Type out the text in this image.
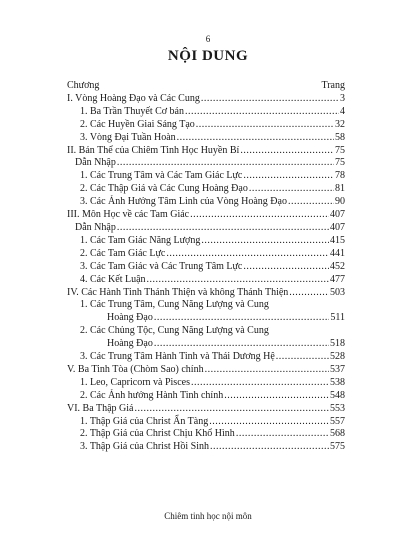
6
NỘI DUNG
Chương	Trang
I. Vòng Hoàng Đạo và Các Cung .....	3
1. Ba Trần Thuyết Cơ bản .....	4
2. Các Huyền Giai Sáng Tạo .....	32
3. Vòng Đại Tuần Hoàn .....	58
II. Bản Thể của Chiêm Tinh Học Huyền Bí .....	75
Dẫn Nhập .....	75
1. Các Trung Tâm và Các Tam Giác Lực .....	78
2. Các Thập Giá và Các Cung Hoàng Đạo .....	81
3. Các Ảnh Hưởng Tâm Linh của Vòng Hoàng Đạo .....	90
III. Môn Học về các Tam Giác .....	407
Dẫn Nhập .....	407
1. Các Tam Giác Năng Lượng .....	415
2. Các Tam Giác Lực .....	441
3. Các Tam Giác và Các Trung Tâm Lực .....	452
4. Các Kết Luận .....	477
IV. Các Hành Tinh Thánh Thiện và không Thánh Thiện .....	503
1. Các Trung Tâm, Cung Năng Lượng và Cung
Hoàng Đạo .....	511
2. Các Chủng Tộc, Cung Năng Lượng và Cung
Hoàng Đạo .....	518
3. Các Trung Tâm Hành Tinh và Thái Dương Hệ .....	528
V. Ba Tinh Tòa (Chòm Sao) chính .....	537
1. Leo, Capricorn và Pisces .....	538
2. Các Ảnh hưởng Hành Tinh chính .....	548
VI. Ba Thập Giá .....	553
1. Thập Giá của Christ Ẩn Tàng .....	557
2. Thập Giá của Christ Chịu Khổ Hình .....	568
3. Thập Giá của Christ Hồi Sinh .....	575
Chiêm tinh học nội môn
